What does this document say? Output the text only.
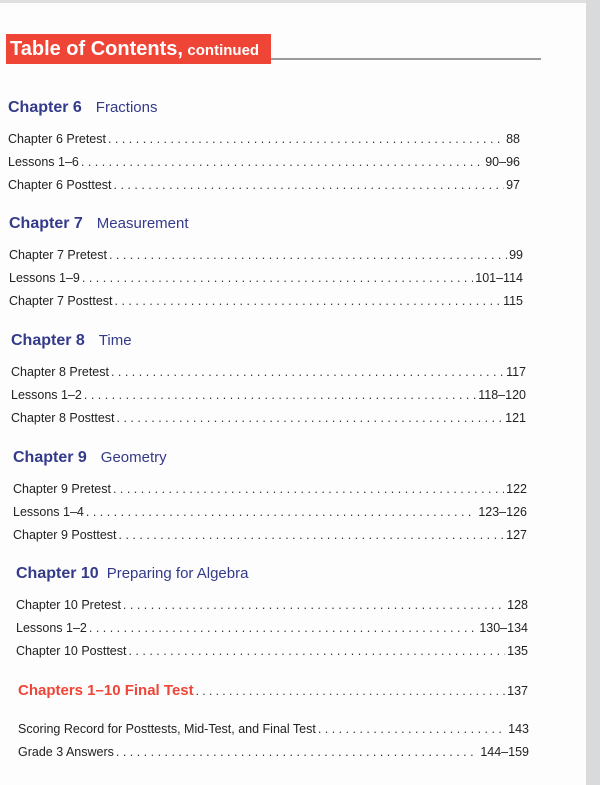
Table of Contents, continued
Chapter 6 Fractions
Chapter 6 Pretest . . .	88
Lessons 1–6 . . .	90–96
Chapter 6 Posttest . . .	97
Chapter 7 Measurement
Chapter 7 Pretest . . .	99
Lessons 1–9 . . .	101–114
Chapter 7 Posttest . . .	115
Chapter 8 Time
Chapter 8 Pretest . . .	117
Lessons 1–2 . . .	118–120
Chapter 8 Posttest . . .	121
Chapter 9 Geometry
Chapter 9 Pretest . . .	122
Lessons 1–4 . . .	123–126
Chapter 9 Posttest . . .	127
Chapter 10 Preparing for Algebra
Chapter 10 Pretest . . .	128
Lessons 1–2 . . .	130–134
Chapter 10 Posttest . . .	135
Chapters 1–10 Final Test . . .	137
Scoring Record for Posttests, Mid-Test, and Final Test . . .	143
Grade 3 Answers . . .	144–159
